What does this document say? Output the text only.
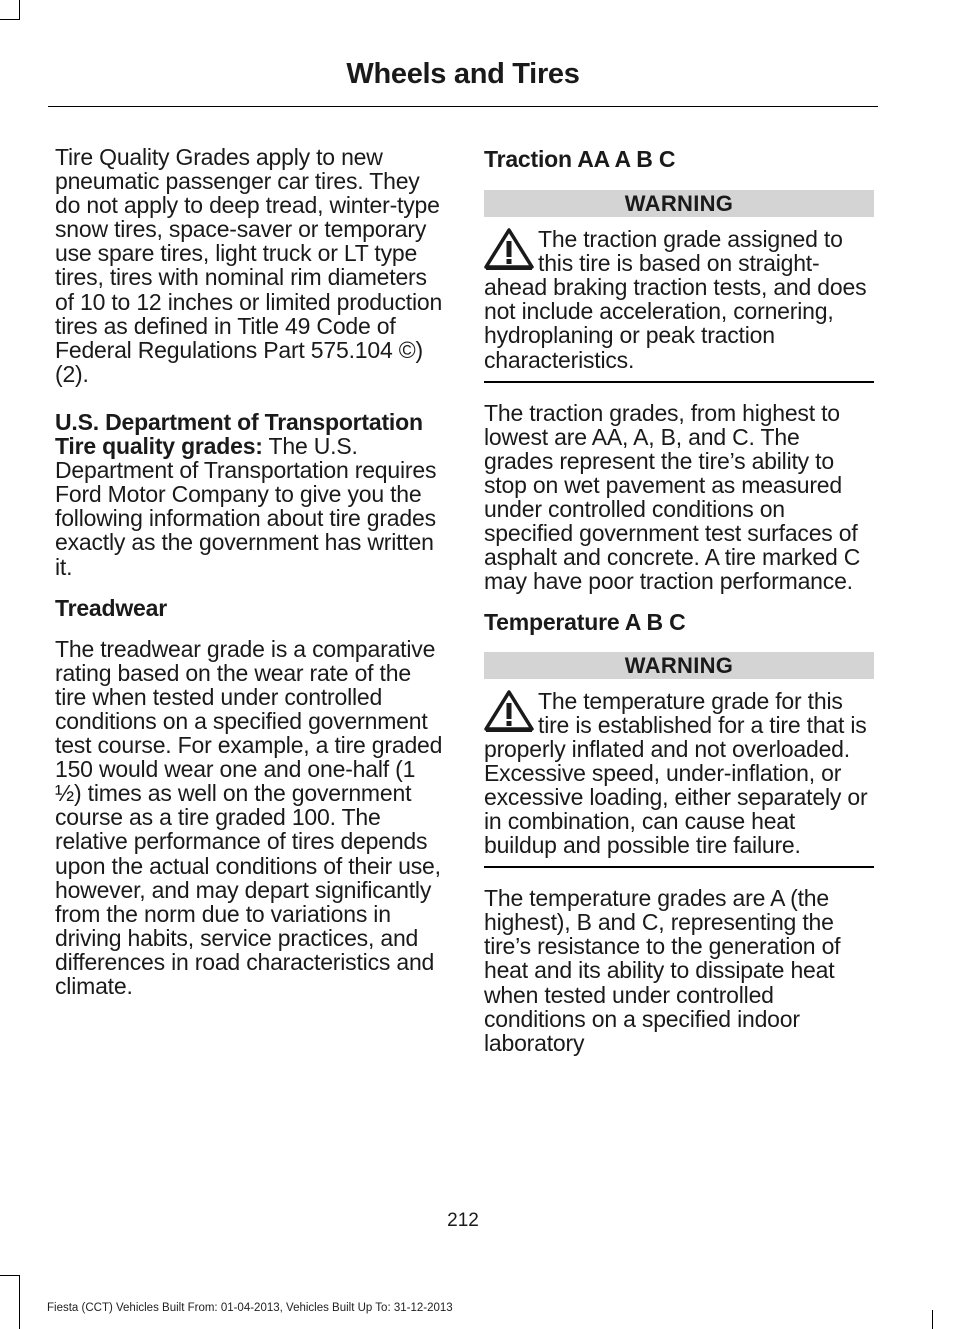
Wheels and Tires

Tire Quality Grades apply to new pneumatic passenger car tires. They do not apply to deep tread, winter-type snow tires, space-saver or temporary use spare tires, light truck or LT type tires, tires with nominal rim diameters of 10 to 12 inches or limited production tires as defined in Title 49 Code of Federal Regulations Part 575.104 ©)(2).

U.S. Department of Transportation Tire quality grades: The U.S. Department of Transportation requires Ford Motor Company to give you the following information about tire grades exactly as the government has written it.

Treadwear

The treadwear grade is a comparative rating based on the wear rate of the tire when tested under controlled conditions on a specified government test course. For example, a tire graded 150 would wear one and one-half (1 ½) times as well on the government course as a tire graded 100. The relative performance of tires depends upon the actual conditions of their use, however, and may depart significantly from the norm due to variations in driving habits, service practices, and differences in road characteristics and climate.

Traction AA A B C
WARNING

The traction grade assigned to this tire is based on straight-ahead braking traction tests, and does not include acceleration, cornering, hydroplaning or peak traction characteristics.

The traction grades, from highest to lowest are AA, A, B, and C. The grades represent the tire’s ability to stop on wet pavement as measured under controlled conditions on specified government test surfaces of asphalt and concrete. A tire marked C may have poor traction performance.

Temperature A B C
WARNING

The temperature grade for this tire is established for a tire that is properly inflated and not overloaded. Excessive speed, under-inflation, or excessive loading, either separately or in combination, can cause heat buildup and possible tire failure.

The temperature grades are A (the highest), B and C, representing the tire’s resistance to the generation of heat and its ability to dissipate heat when tested under controlled conditions on a specified indoor laboratory

212
Fiesta (CCT) Vehicles Built From: 01-04-2013, Vehicles Built Up To: 31-12-2013
